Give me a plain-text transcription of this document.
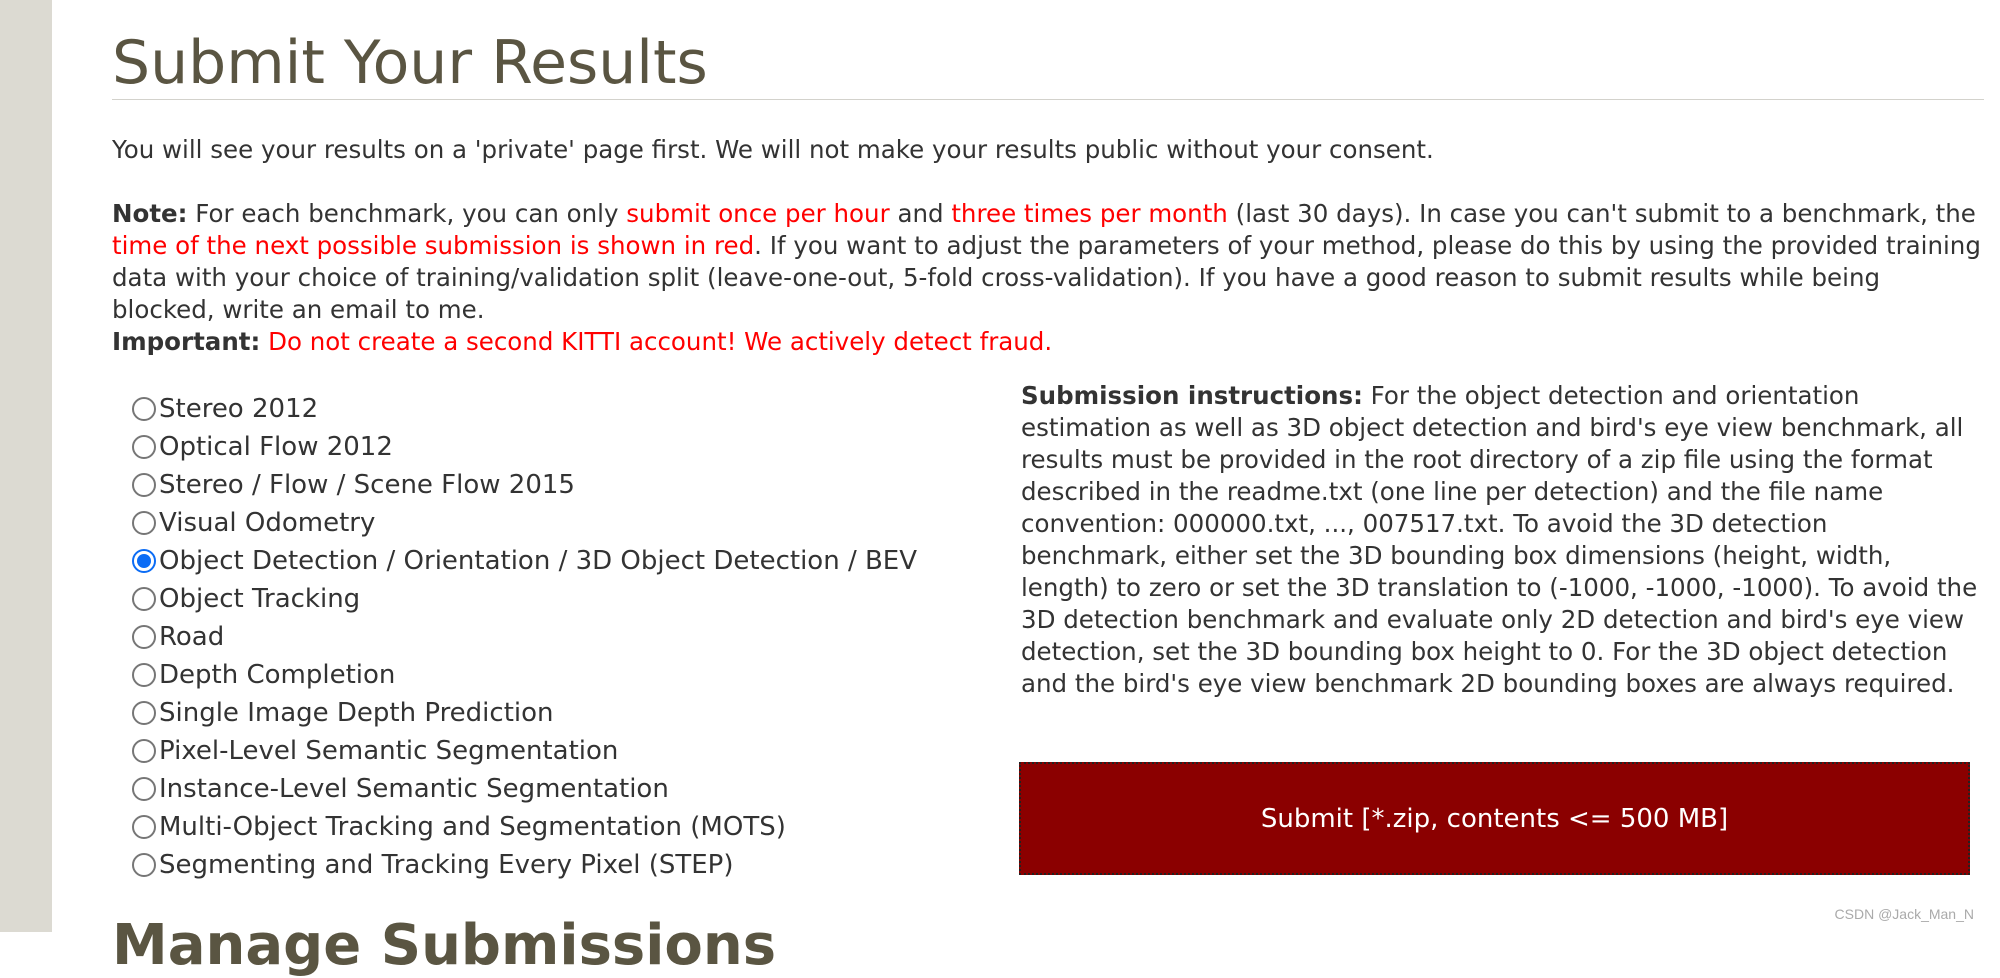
Submit Your Results

You will see your results on a 'private' page first. We will not make your results public without your consent.

Note: For each benchmark, you can only submit once per hour and three times per month (last 30 days). In case you can't submit to a benchmark, the time of the next possible submission is shown in red. If you want to adjust the parameters of your method, please do this by using the provided training data with your choice of training/validation split (leave-one-out, 5-fold cross-validation). If you have a good reason to submit results while being blocked, write an email to me.
Important: Do not create a second KITTI account! We actively detect fraud.

Stereo 2012
Optical Flow 2012
Stereo / Flow / Scene Flow 2015
Visual Odometry
Object Detection / Orientation / 3D Object Detection / BEV
Object Tracking
Road
Depth Completion
Single Image Depth Prediction
Pixel-Level Semantic Segmentation
Instance-Level Semantic Segmentation
Multi-Object Tracking and Segmentation (MOTS)
Segmenting and Tracking Every Pixel (STEP)

Submission instructions: For the object detection and orientation estimation as well as 3D object detection and bird's eye view benchmark, all results must be provided in the root directory of a zip file using the format described in the readme.txt (one line per detection) and the file name convention: 000000.txt, ..., 007517.txt. To avoid the 3D detection benchmark, either set the 3D bounding box dimensions (height, width, length) to zero or set the 3D translation to (-1000, -1000, -1000). To avoid the 3D detection benchmark and evaluate only 2D detection and bird's eye view detection, set the 3D bounding box height to 0. For the 3D object detection and the bird's eye view benchmark 2D bounding boxes are always required.

Submit [*.zip, contents <= 500 MB]
Manage Submissions	CSDN @Jack_Man_N
